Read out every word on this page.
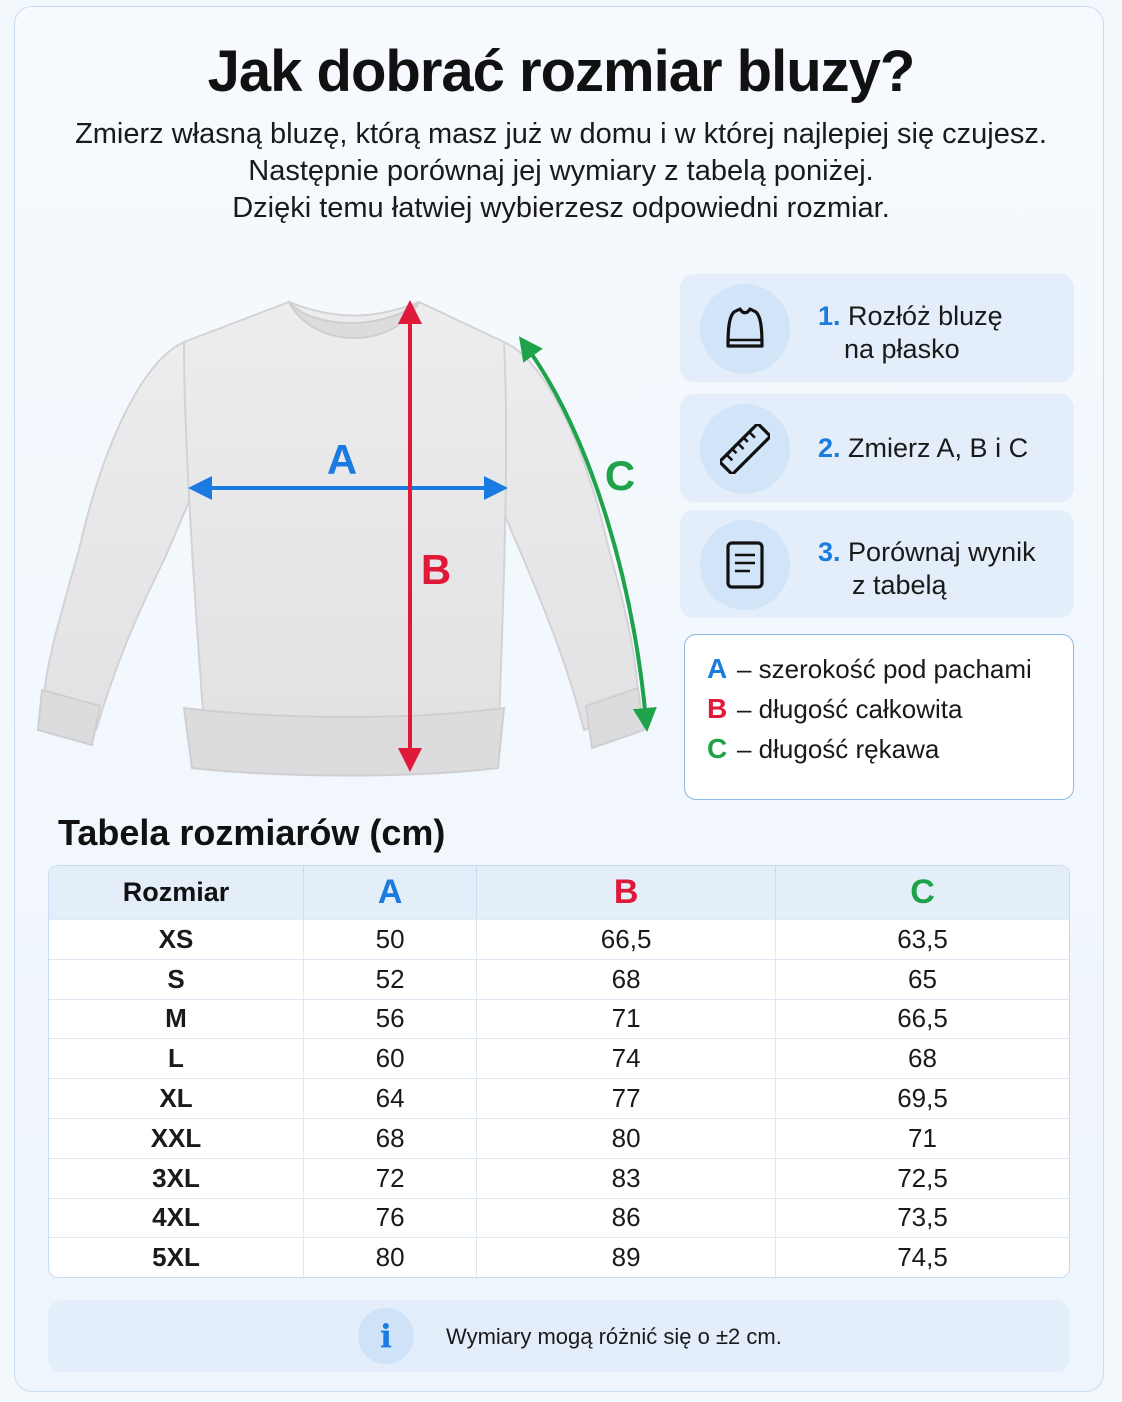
Jak dobrać rozmiar bluzy?
Zmierz własną bluzę, którą masz już w domu i w której najlepiej się czujesz.
Następnie porównaj jej wymiary z tabelą poniżej.
Dzięki temu łatwiej wybierzesz odpowiedni rozmiar.
A
B
C
1. Rozłóż bluzę
na płasko
2. Zmierz A, B i C
3. Porównaj wynik
z tabelą
A – szerokość pod pachami
B – długość całkowita
C – długość rękawa
Tabela rozmiarów (cm)
Rozmiar	A	B	C
XS	50	66,5	63,5
S	52	68	65
M	56	71	66,5
L	60	74	68
XL	64	77	69,5
XXL	68	80	71
3XL	72	83	72,5
4XL	76	86	73,5
5XL	80	89	74,5
i	Wymiary mogą różnić się o ±2 cm.
